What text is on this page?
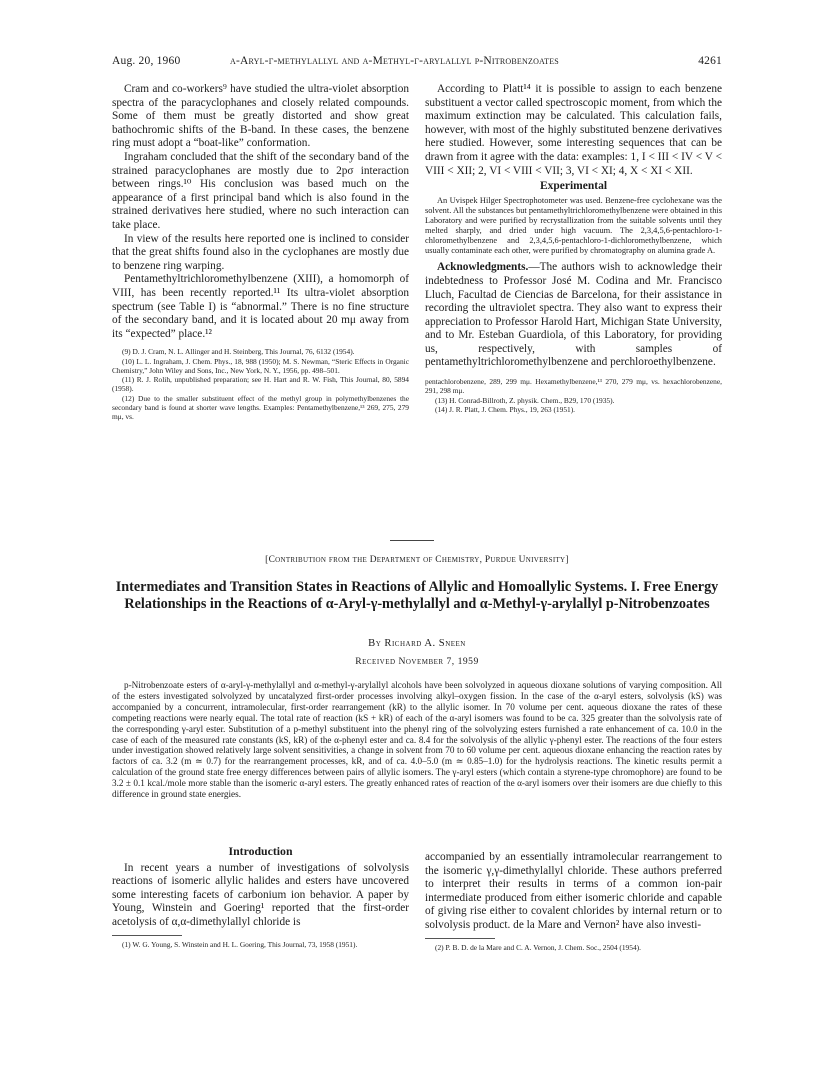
Aug. 20, 1960	α-Aryl-γ-methylallyl and α-Methyl-γ-arylallyl p-Nitrobenzoates	4261

Cram and co-workers⁹ have studied the ultra-violet absorption spectra of the paracyclophanes and closely related compounds. Some of them must be greatly distorted and show great bathochromic shifts of the B-band. In these cases, the benzene ring must adopt a “boat-like” conformation.

Ingraham concluded that the shift of the secondary band of the strained paracyclophanes are mostly due to 2pσ interaction between rings.¹⁰ His conclusion was based much on the appearance of a first principal band which is also found in the strained derivatives here studied, where no such interaction can take place.

In view of the results here reported one is inclined to consider that the great shifts found also in the cyclophanes are mostly due to benzene ring warping.

Pentamethyltrichloromethylbenzene (XIII), a homomorph of VIII, has been recently reported.¹¹ Its ultra-violet absorption spectrum (see Table I) is “abnormal.” There is no fine structure of the secondary band, and it is located about 20 mμ away from its “expected” place.¹²

(9) D. J. Cram, N. L. Allinger and H. Steinberg, This Journal, 76, 6132 (1954).

(10) L. L. Ingraham, J. Chem. Phys., 18, 988 (1950); M. S. Newman, “Steric Effects in Organic Chemistry,” John Wiley and Sons, Inc., New York, N. Y., 1956, pp. 498–501.

(11) R. J. Rolih, unpublished preparation; see H. Hart and R. W. Fish, This Journal, 80, 5894 (1958).

(12) Due to the smaller substituent effect of the methyl group in polymethylbenzenes the secondary band is found at shorter wave lengths. Examples: Pentamethylbenzene,¹³ 269, 275, 279 mμ, vs.

According to Platt¹⁴ it is possible to assign to each benzene substituent a vector called spectroscopic moment, from which the maximum extinction may be calculated. This calculation fails, however, with most of the highly substituted benzene derivatives here studied. However, some interesting sequences that can be drawn from it agree with the data: examples: 1, I < III < IV < V < VIII < XII; 2, VI < VIII < VII; 3, VI < XI; 4, X < XI < XII.

Experimental

An Uvispek Hilger Spectrophotometer was used. Benzene-free cyclohexane was the solvent. All the substances but pentamethyltrichloromethylbenzene were obtained in this Laboratory and were purified by recrystallization from the suitable solvents until they melted sharply, and dried under high vacuum. The 2,3,4,5,6-pentachloro-1-chloromethylbenzene and 2,3,4,5,6-pentachloro-1-dichloromethylbenzene, which usually contaminate each other, were purified by chromatography on alumina grade A.

Acknowledgments.—The authors wish to acknowledge their indebtedness to Professor José M. Codina and Mr. Francisco Lluch, Facultad de Ciencias de Barcelona, for their assistance in recording the ultraviolet spectra. They also want to express their appreciation to Professor Harold Hart, Michigan State University, and to Mr. Esteban Guardiola, of this Laboratory, for providing us, respectively, with samples of pentamethyltrichloromethylbenzene and perchloroethylbenzene.

pentachlorobenzene, 289, 299 mμ. Hexamethylbenzene,¹³ 270, 279 mμ, vs. hexachlorobenzene, 291, 298 mμ.

(13) H. Conrad-Billroth, Z. physik. Chem., B29, 170 (1935).

(14) J. R. Platt, J. Chem. Phys., 19, 263 (1951).

[Contribution from the Department of Chemistry, Purdue University]
Intermediates and Transition States in Reactions of Allylic and Homoallylic Systems. I. Free Energy Relationships in the Reactions of α-Aryl-γ-methylallyl and α-Methyl-γ-arylallyl p-Nitrobenzoates
By Richard A. Sneen
Received November 7, 1959

p-Nitrobenzoate esters of α-aryl-γ-methylallyl and α-methyl-γ-arylallyl alcohols have been solvolyzed in aqueous dioxane solutions of varying composition. All of the esters investigated solvolyzed by uncatalyzed first-order processes involving alkyl–oxygen fission. In the case of the α-aryl esters, solvolysis (kS) was accompanied by a concurrent, intramolecular, first-order rearrangement (kR) to the allylic isomer. In 70 volume per cent. aqueous dioxane the rates of these competing reactions were nearly equal. The total rate of reaction (kS + kR) of each of the α-aryl isomers was found to be ca. 325 greater than the solvolysis rate of the corresponding γ-aryl ester. Substitution of a p-methyl substituent into the phenyl ring of the solvolyzing esters furnished a rate enhancement of ca. 10.0 in the case of each of the measured rate constants (kS, kR) of the α-phenyl ester and ca. 8.4 for the solvolysis of the allylic γ-phenyl ester. The reactions of the four esters under investigation showed relatively large solvent sensitivities, a change in solvent from 70 to 60 volume per cent. aqueous dioxane enhancing the reaction rates by factors of ca. 3.2 (m ≃ 0.7) for the rearrangement processes, kR, and of ca. 4.0–5.0 (m ≃ 0.85–1.0) for the hydrolysis reactions. The kinetic results permit a calculation of the ground state free energy differences between pairs of allylic isomers. The γ-aryl esters (which contain a styrene-type chromophore) are found to be 3.2 ± 0.1 kcal./mole more stable than the isomeric α-aryl esters. The greatly enhanced rates of reaction of the α-aryl isomers over their isomers are due chiefly to this difference in ground state energies.

Introduction

In recent years a number of investigations of solvolysis reactions of isomeric allylic halides and esters have uncovered some interesting facets of carbonium ion behavior. A paper by Young, Winstein and Goering¹ reported that the first-order acetolysis of α,α-dimethylallyl chloride is

(1) W. G. Young, S. Winstein and H. L. Goering, This Journal, 73, 1958 (1951).

accompanied by an essentially intramolecular rearrangement to the isomeric γ,γ-dimethylallyl chloride. These authors preferred to interpret their results in terms of a common ion-pair intermediate produced from either isomeric chloride and capable of giving rise either to covalent chlorides by internal return or to solvolysis product. de la Mare and Vernon² have also investi-

(2) P. B. D. de la Mare and C. A. Vernon, J. Chem. Soc., 2504 (1954).
